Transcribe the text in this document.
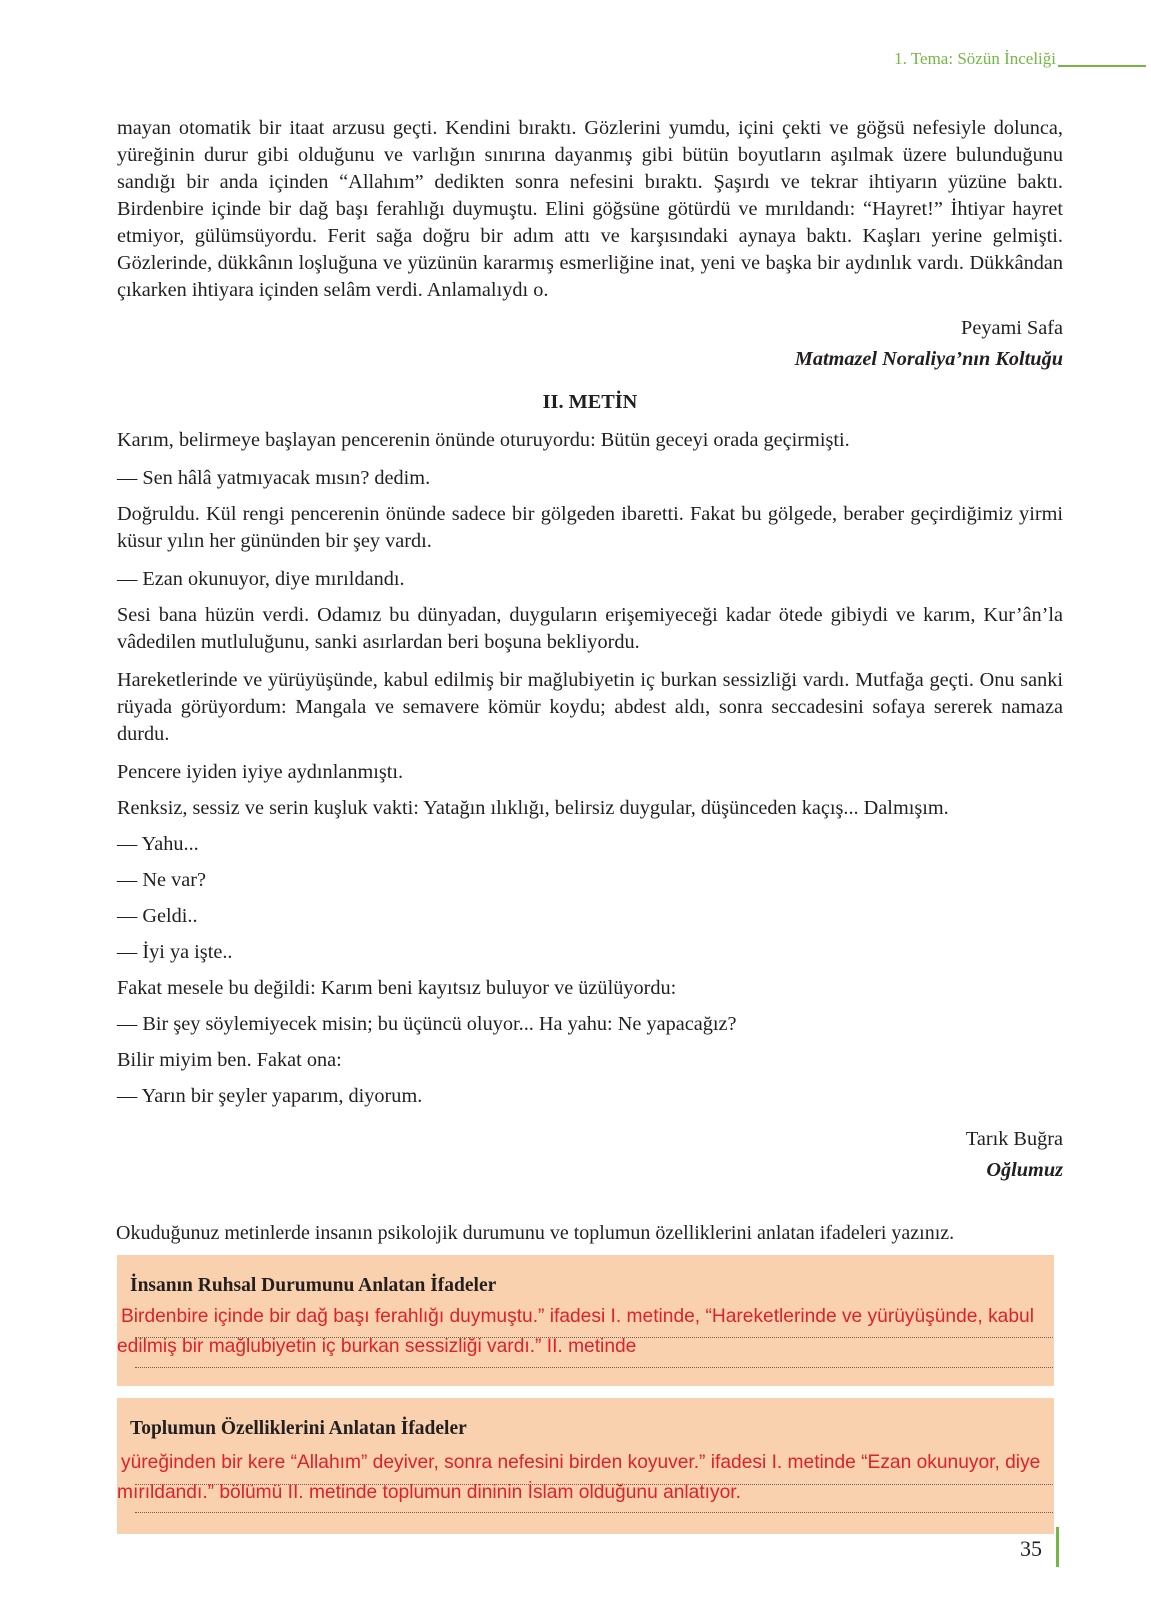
1. Tema: Sözün İnceliği

mayan otomatik bir itaat arzusu geçti. Kendini bıraktı. Gözlerini yumdu, içini çekti ve göğsü nefesiyle dolunca, yüreğinin durur gibi olduğunu ve varlığın sınırına dayanmış gibi bütün boyutların aşılmak üzere bulunduğunu sandığı bir anda içinden “Allahım” dedikten sonra nefesini bıraktı. Şaşırdı ve tekrar ihtiyarın yüzüne baktı. Birdenbire içinde bir dağ başı ferahlığı duymuştu. Elini göğsüne götürdü ve mırıldandı: “Hayret!” İhtiyar hayret etmiyor, gülümsüyordu. Ferit sağa doğru bir adım attı ve karşısındaki aynaya baktı. Kaşları yerine gelmişti. Gözlerinde, dükkânın loşluğuna ve yüzünün kararmış esmerliğine inat, yeni ve başka bir aydınlık vardı. Dükkândan çıkarken ihtiyara içinden selâm verdi. Anlamalıydı o.

Peyami Safa

Matmazel Noraliya’nın Koltuğu

II. METİN

Karım, belirmeye başlayan pencerenin önünde oturuyordu: Bütün geceyi orada geçirmişti.

— Sen hâlâ yatmıyacak mısın? dedim.

Doğruldu. Kül rengi pencerenin önünde sadece bir gölgeden ibaretti. Fakat bu gölgede, beraber geçirdiğimiz yirmi küsur yılın her gününden bir şey vardı.

— Ezan okunuyor, diye mırıldandı.

Sesi bana hüzün verdi. Odamız bu dünyadan, duyguların erişemiyeceği kadar ötede gibiydi ve karım, Kur’ân’la vâdedilen mutluluğunu, sanki asırlardan beri boşuna bekliyordu.

Hareketlerinde ve yürüyüşünde, kabul edilmiş bir mağlubiyetin iç burkan sessizliği vardı. Mutfağa geçti. Onu sanki rüyada görüyordum: Mangala ve semavere kömür koydu; abdest aldı, sonra seccadesini sofaya sererek namaza durdu.

Pencere iyiden iyiye aydınlanmıştı.

Renksiz, sessiz ve serin kuşluk vakti: Yatağın ılıklığı, belirsiz duygular, düşünceden kaçış... Dalmışım.

— Yahu...

— Ne var?

— Geldi..

— İyi ya işte..

Fakat mesele bu değildi: Karım beni kayıtsız buluyor ve üzülüyordu:

— Bir şey söylemiyecek misin; bu üçüncü oluyor... Ha yahu: Ne yapacağız?

Bilir miyim ben. Fakat ona:

— Yarın bir şeyler yaparım, diyorum.

Tarık Buğra

Oğlumuz

Okuduğunuz metinlerde insanın psikolojik durumunu ve toplumun özelliklerini anlatan ifadeleri yazınız.
İnsanın Ruhsal Durumunu Anlatan İfadeler
Birdenbire içinde bir dağ başı ferahlığı duymuştu.” ifadesi I. metinde, “Hareketlerinde ve yürüyüşünde, kabul
edilmiş bir mağlubiyetin iç burkan sessizliği vardı.” II. metinde
Toplumun Özelliklerini Anlatan İfadeler
yüreğinden bir kere “Allahım” deyiver, sonra nefesini birden koyuver.” ifadesi I. metinde “Ezan okunuyor, diye
mırıldandı.” bölümü II. metinde toplumun dininin İslam olduğunu anlatıyor.
35
